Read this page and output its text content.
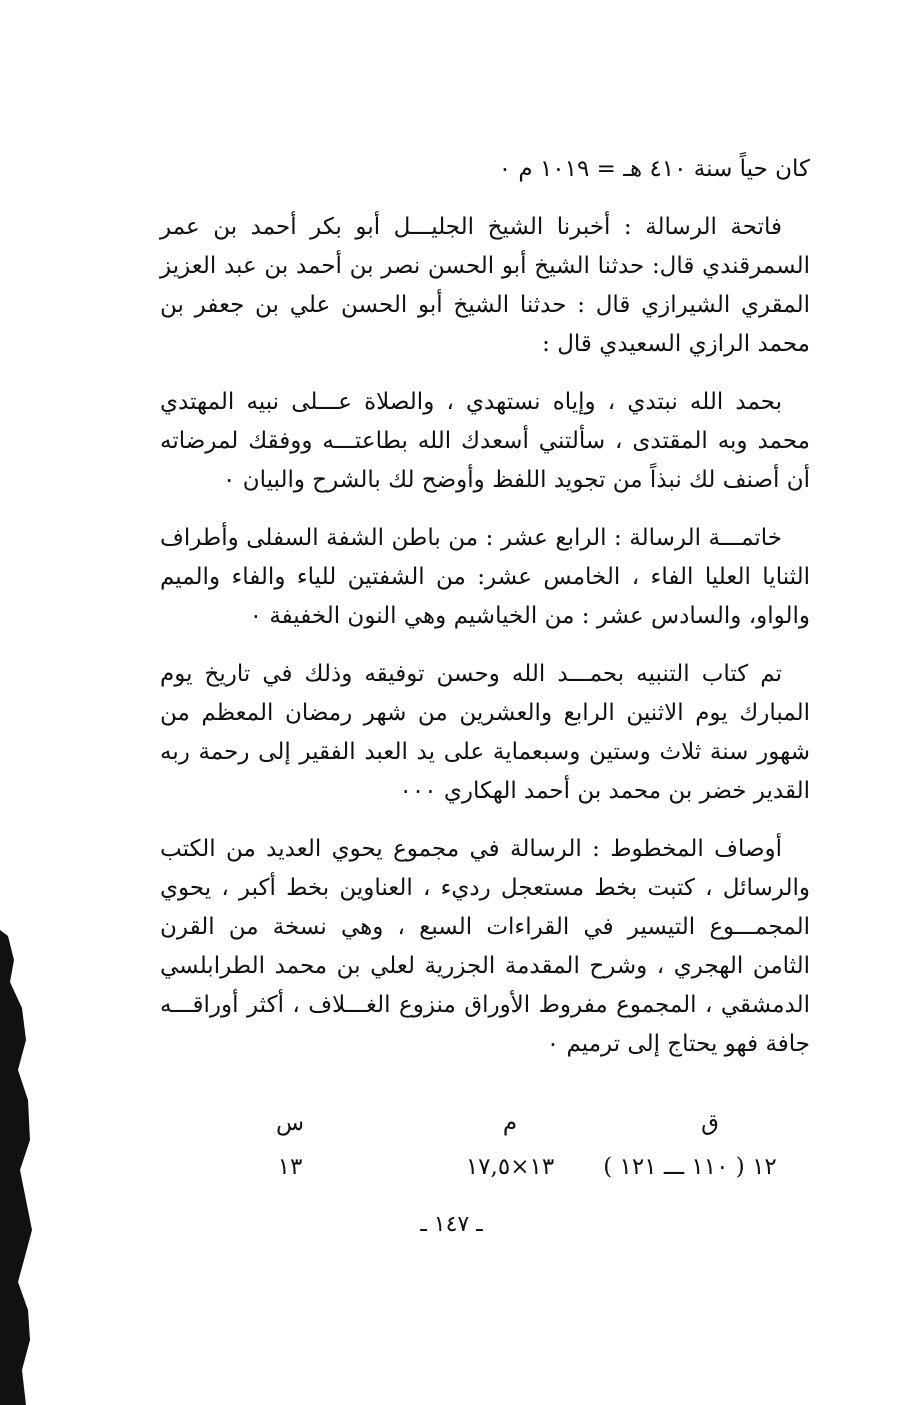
كان حياً سنة ٤١٠ هـ = ١٠١٩ م ٠

فاتحة الرسالة : أخبرنا الشيخ الجليـــل أبو بكر أحمد بن عمر السمرقندي قال: حدثنا الشيخ أبو الحسن نصر بن أحمد بن عبد العزيز المقري الشيرازي قال : حدثنا الشيخ أبو الحسن علي بن جعفر بن محمد الرازي السعيدي قال :

بحمد الله نبتدي ، وإياه نستهدي ، والصلاة عـــلى نبيه المهتدي محمد وبه المقتدى ، سألتني أسعدك الله بطاعتـــه ووفقك لمرضاته أن أصنف لك نبذاً من تجويد اللفظ وأوضح لك بالشرح والبيان ٠

خاتمـــة الرسالة : الرابع عشر : من باطن الشفة السفلى وأطراف الثنايا العليا الفاء ، الخامس عشر: من الشفتين للياء والفاء والميم والواو، والسادس عشر : من الخياشيم وهي النون الخفيفة ٠

تم كتاب التنبيه بحمـــد الله وحسن توفيقه وذلك في تاريخ يوم المبارك يوم الاثنين الرابع والعشرين من شهر رمضان المعظم من شهور سنة ثلاث وستين وسبعماية على يد العبد الفقير إلى رحمة ربه القدير خضر بن محمد بن أحمد الهكاري ٠٠٠

أوصاف المخطوط : الرسالة في مجموع يحوي العديد من الكتب والرسائل ، كتبت بخط مستعجل رديء ، العناوين بخط أكبر ، يحوي المجمـــوع التيسير في القراءات السبع ، وهي نسخة من القرن الثامن الهجري ، وشرح المقدمة الجزرية لعلي بن محمد الطرابلسي الدمشقي ، المجموع مفروط الأوراق منزوع الغـــلاف ، أكثر أوراقـــه جافة فهو يحتاج إلى ترميم ٠

ق
م
س
١٢ ( ١١٠ ـــ ١٢١ )
١٣×١٧,٥
١٣
ـ ١٤٧ ـ
